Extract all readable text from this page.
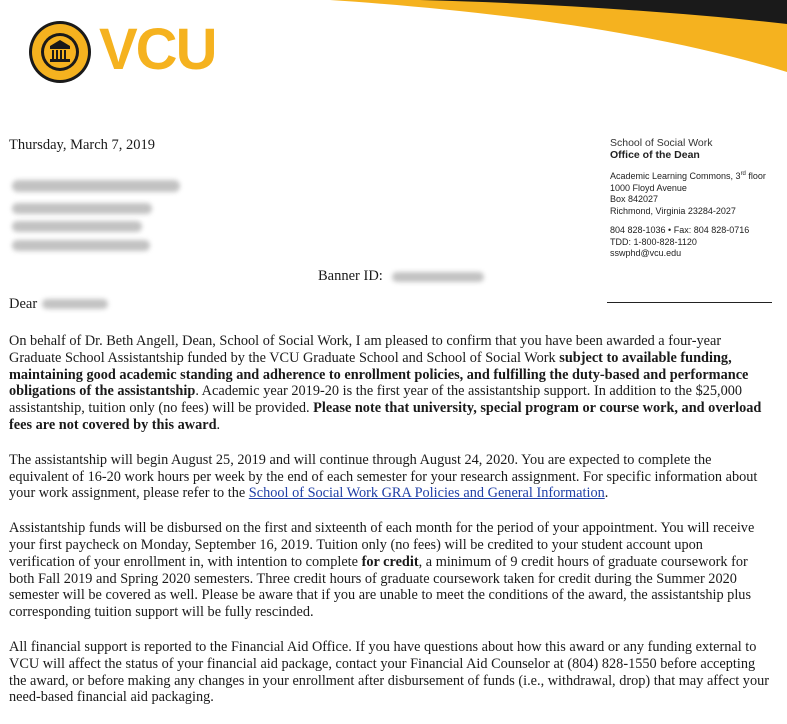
VCU
Thursday, March 7, 2019
Banner ID:
Dear
School of Social Work
Office of the Dean
Academic Learning Commons, 3rd floor
1000 Floyd Avenue
Box 842027
Richmond, Virginia 23284-2027
804 828-1036 • Fax: 804 828-0716
TDD: 1-800-828-1120
sswphd@vcu.edu

On behalf of Dr. Beth Angell, Dean, School of Social Work, I am pleased to confirm that you have been awarded a four-year Graduate School Assistantship funded by the VCU Graduate School and School of Social Work subject to available funding, maintaining good academic standing and adherence to enrollment policies, and fulfilling the duty-based and performance obligations of the assistantship. Academic year 2019-20 is the first year of the assistantship support. In addition to the $25,000 assistantship, tuition only (no fees) will be provided. Please note that university, special program or course work, and overload fees are not covered by this award.

The assistantship will begin August 25, 2019 and will continue through August 24, 2020. You are expected to complete the equivalent of 16-20 work hours per week by the end of each semester for your research assignment. For specific information about your work assignment, please refer to the School of Social Work GRA Policies and General Information.

Assistantship funds will be disbursed on the first and sixteenth of each month for the period of your appointment. You will receive your first paycheck on Monday, September 16, 2019. Tuition only (no fees) will be credited to your student account upon verification of your enrollment in, with intention to complete for credit, a minimum of 9 credit hours of graduate coursework for both Fall 2019 and Spring 2020 semesters. Three credit hours of graduate coursework taken for credit during the Summer 2020 semester will be covered as well. Please be aware that if you are unable to meet the conditions of the award, the assistantship plus corresponding tuition support will be fully rescinded.

All financial support is reported to the Financial Aid Office. If you have questions about how this award or any funding external to VCU will affect the status of your financial aid package, contact your Financial Aid Counselor at (804) 828-1550 before accepting the award, or before making any changes in your enrollment after disbursement of funds (i.e., withdrawal, drop) that may affect your need-based financial aid packaging.
